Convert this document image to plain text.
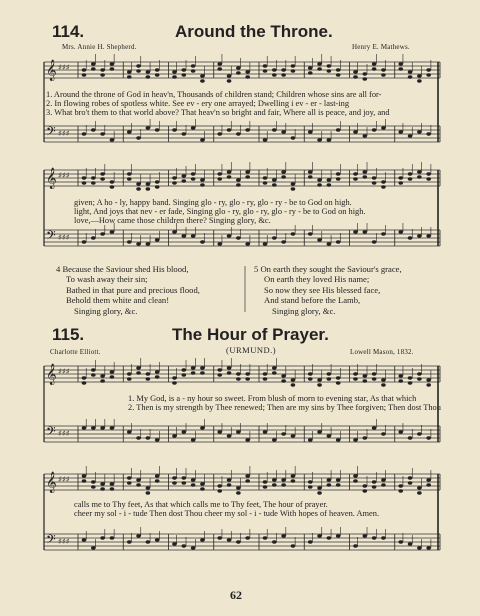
𝄞
𝄢
♯♯♯
♯♯♯
𝄞
𝄢
♯♯♯
♯♯♯
𝄞
𝄢
♯♯♯
♯♯♯
𝄞
𝄢
♯♯♯
♯♯♯
114.	Around the Throne.
Mrs. Annie H. Shepherd.	Henry E. Mathews.
1. Around the throne of God in heav'n, Thousands of children stand; Children whose sins are all for-
2. In flowing robes of spotless white. See ev - ery one arrayed; Dwelling i ev - er - last-ing
3. What bro't them to that world above? That heav'n so bright and fair, Where all is peace, and joy, and
given; A ho - ly, happy band. Singing glo - ry, glo - ry, glo - ry - be to God on high.
light, And joys that nev - er fade, Singing glo - ry, glo - ry, glo - ry - be to God on high.
love,—How came those children there? Singing glory, &c.
4 Because the Saviour shed His blood,
To wash away their sin;
Bathed in that pure and precious flood,
Behold them white and clean!
Singing glory, &c.
5 On earth they sought the Saviour's grace,
On earth they loved His name;
So now they see His blessed face,
And stand before the Lamb,
Singing glory, &c.
115.	The Hour of Prayer.
(URMUND.)
Charlotte Elliott.	Lowell Mason, 1832.
1. My God, is a - ny hour so sweet. From blush of morn to evening star, As that which
2. Then is my strength by Thee renewed; Then are my sins by Thee forgiven; Then dost Thou
calls me to Thy feet, As that which calls me to Thy feet, The hour of prayer.
cheer my sol - i - tude Then dost Thou cheer my sol - i - tude With hopes of heaven. Amen.
62
